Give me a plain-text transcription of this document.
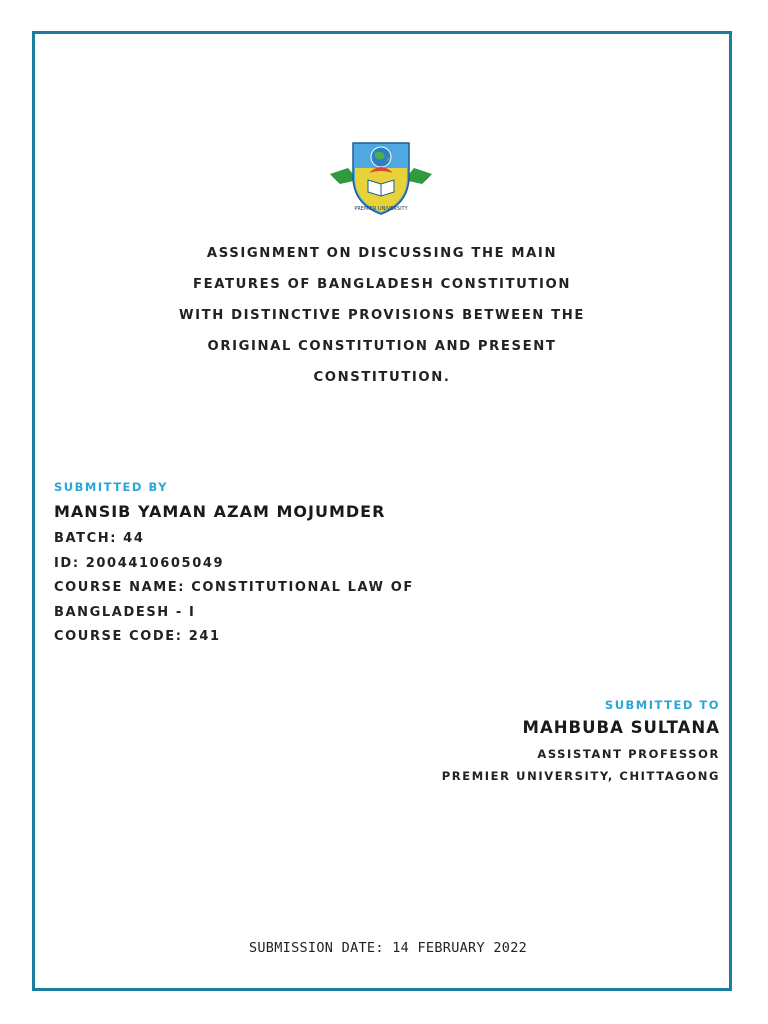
PREMIER UNIVERSITY
ASSIGNMENT ON DISCUSSING THE MAIN
FEATURES OF BANGLADESH CONSTITUTION
WITH DISTINCTIVE PROVISIONS BETWEEN THE
ORIGINAL CONSTITUTION AND PRESENT
CONSTITUTION.
SUBMITTED BY
MANSIB YAMAN AZAM MOJUMDER
BATCH: 44
ID: 2004410605049
COURSE NAME: CONSTITUTIONAL LAW OF
BANGLADESH - I
COURSE CODE: 241
SUBMITTED TO
MAHBUBA SULTANA
ASSISTANT PROFESSOR
PREMIER UNIVERSITY, CHITTAGONG
SUBMISSION DATE: 14 FEBRUARY 2022
